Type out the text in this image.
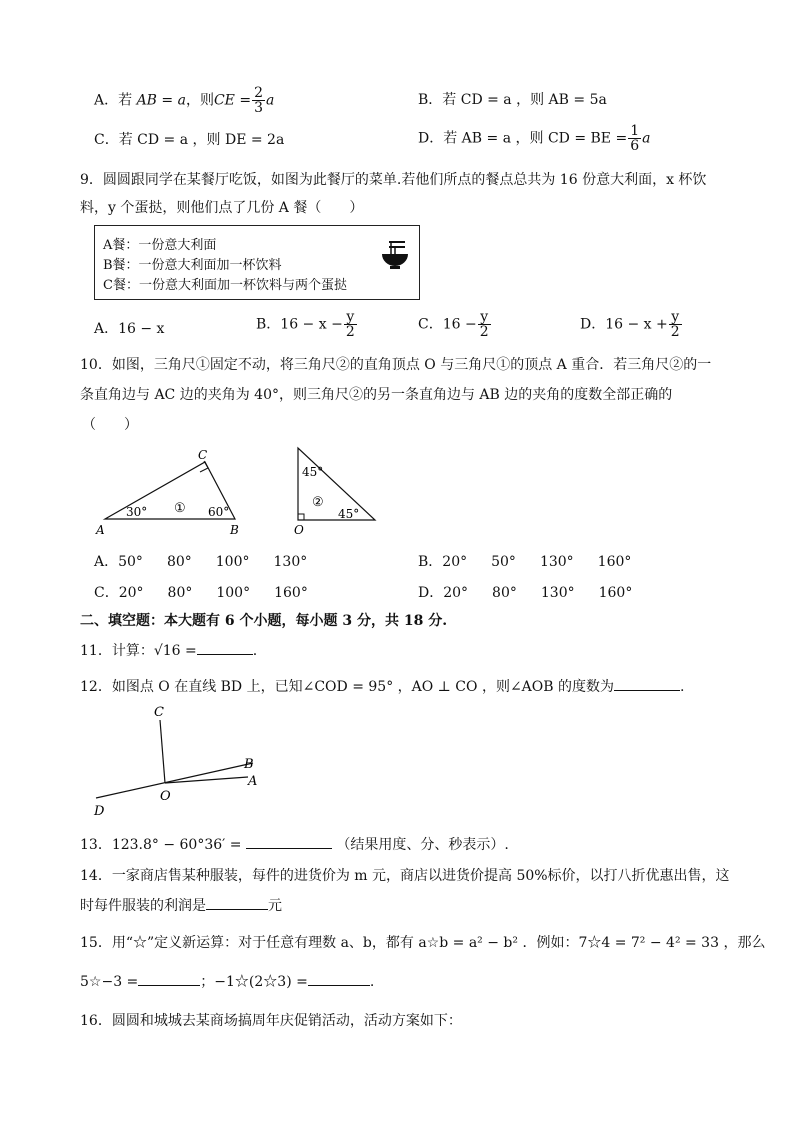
A．若 AB = a，则CE = $\frac{2}{3}$ a	B．若 CD = a ，则 AB = 5a
C．若 CD = a ，则 DE = 2a	D．若 AB = a ，则 CD = BE = $\frac{1}{6}$ a
9．圆圆跟同学在某餐厅吃饭，如图为此餐厅的菜单.若他们所点的餐点总共为 16 份意大利面，x 杯饮
料，y 个蛋挞，则他们点了几份 A 餐（　　）
A餐：一份意大利面
B餐：一份意大利面加一杯饮料
C餐：一份意大利面加一杯饮料与两个蛋挞
A．16 − x	B．$16 - x - \frac{y}{2}$	C．$16 - \frac{y}{2}$	D．$16 - x + \frac{y}{2}$
10．如图，三角尺①固定不动，将三角尺②的直角顶点 O 与三角尺①的顶点 A 重合．若三角尺②的一
条直角边与 AC 边的夹角为 40°，则三角尺②的另一条直角边与 AB 边的夹角的度数全部正确的
（　　）
C
A	B
30°	60°
①
45°
②
45°
O
A．50° 80° 100° 130°	B．20° 50° 130° 160°
C．20° 80° 100° 160°	D．20° 80° 130° 160°
二、填空题：本大题有 6 个小题，每小题 3 分，共 18 分.
11．计算：√16 =	.
12．如图点 O 在直线 BD 上，已知∠COD = 95° ，AO ⊥ CO ，则∠AOB 的度数为	.
C
B
A
O
D
13．123.8° − 60°36′ =	（结果用度、分、秒表示）.
14．一家商店售某种服装，每件的进货价为 m 元，商店以进货价提高 50%标价，以打八折优惠出售，这
时每件服装的利润是	元
15．用“☆”定义新运算：对于任意有理数 a、b，都有 a☆b = a² − b² ．例如：7☆4 = 7² − 4² = 33 ，那么
5☆−3 =	；−1☆(2☆3) =	.
16．圆圆和城城去某商场搞周年庆促销活动，活动方案如下：
